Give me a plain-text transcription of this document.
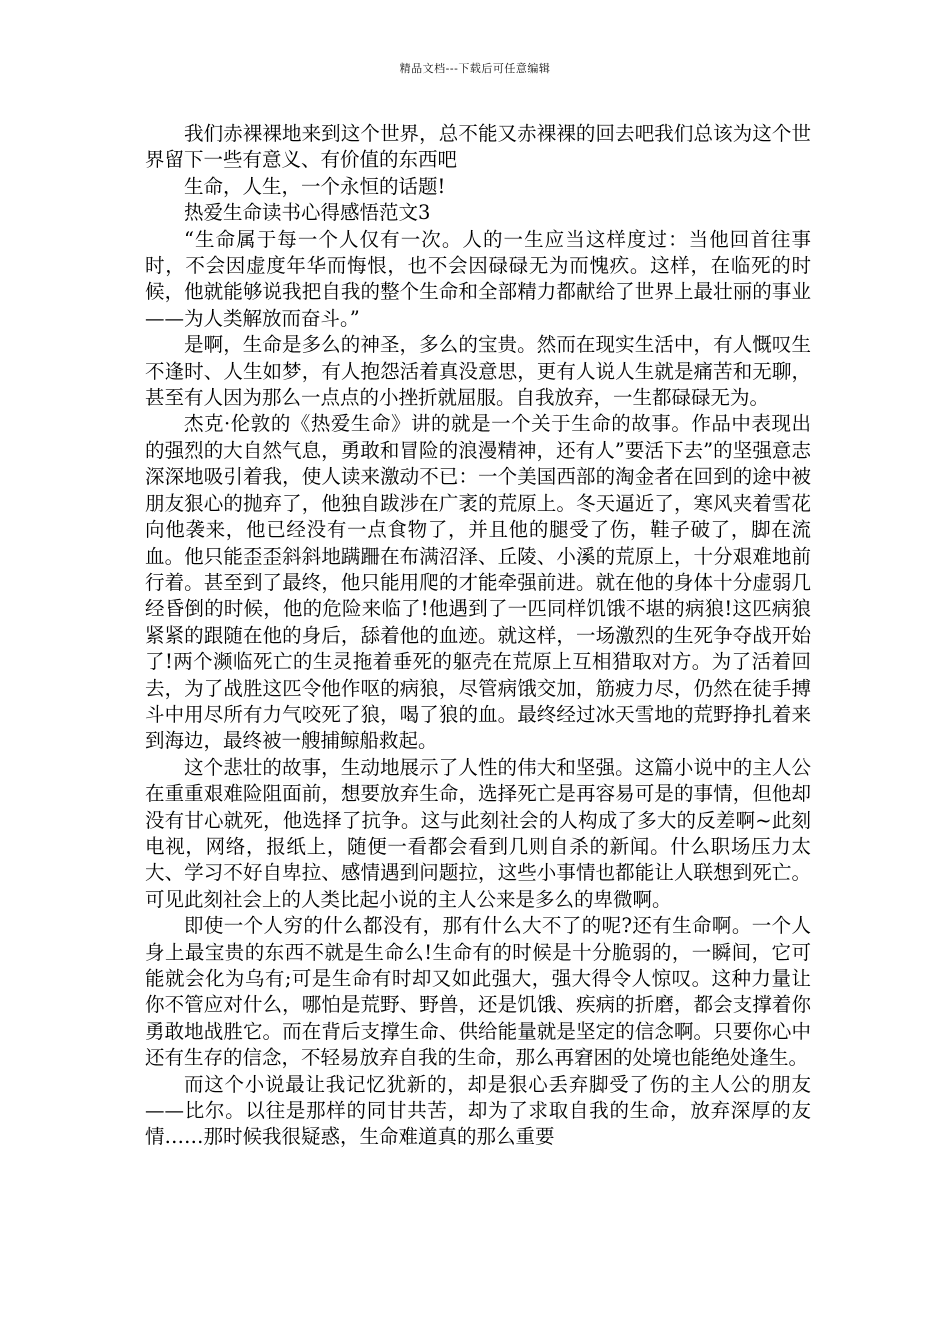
精品文档---下载后可任意编辑

我们赤裸裸地来到这个世界，总不能又赤裸裸的回去吧我们总该为这个世界留下一些有意义、有价值的东西吧

生命，人生，一个永恒的话题!

热爱生命读书心得感悟范文3

“生命属于每一个人仅有一次。人的一生应当这样度过：当他回首往事时，不会因虚度年华而悔恨，也不会因碌碌无为而愧疚。这样，在临死的时候，他就能够说我把自我的整个生命和全部精力都献给了世界上最壮丽的事业——为人类解放而奋斗。”

是啊，生命是多么的神圣，多么的宝贵。然而在现实生活中，有人慨叹生不逢时、人生如梦，有人抱怨活着真没意思，更有人说人生就是痛苦和无聊，甚至有人因为那么一点点的小挫折就屈服。自我放弃，一生都碌碌无为。

杰克·伦敦的《热爱生命》讲的就是一个关于生命的故事。作品中表现出的强烈的大自然气息，勇敢和冒险的浪漫精神，还有人”要活下去”的坚强意志深深地吸引着我，使人读来激动不已：一个美国西部的淘金者在回到的途中被朋友狠心的抛弃了，他独自跋涉在广袤的荒原上。冬天逼近了，寒风夹着雪花向他袭来，他已经没有一点食物了，并且他的腿受了伤，鞋子破了，脚在流血。他只能歪歪斜斜地蹒跚在布满沼泽、丘陵、小溪的荒原上，十分艰难地前行着。甚至到了最终，他只能用爬的才能牵强前进。就在他的身体十分虚弱几经昏倒的时候，他的危险来临了!他遇到了一匹同样饥饿不堪的病狼!这匹病狼紧紧的跟随在他的身后，舔着他的血迹。就这样，一场激烈的生死争夺战开始了!两个濒临死亡的生灵拖着垂死的躯壳在荒原上互相猎取对方。为了活着回去，为了战胜这匹令他作呕的病狼，尽管病饿交加，筋疲力尽，仍然在徒手搏斗中用尽所有力气咬死了狼，喝了狼的血。最终经过冰天雪地的荒野挣扎着来到海边，最终被一艘捕鲸船救起。

这个悲壮的故事，生动地展示了人性的伟大和坚强。这篇小说中的主人公在重重艰难险阻面前，想要放弃生命，选择死亡是再容易可是的事情，但他却没有甘心就死，他选择了抗争。这与此刻社会的人构成了多大的反差啊~此刻电视，网络，报纸上，随便一看都会看到几则自杀的新闻。什么职场压力太大、学习不好自卑拉、感情遇到问题拉，这些小事情也都能让人联想到死亡。可见此刻社会上的人类比起小说的主人公来是多么的卑微啊。

即使一个人穷的什么都没有，那有什么大不了的呢?还有生命啊。一个人身上最宝贵的东西不就是生命么!生命有的时候是十分脆弱的，一瞬间，它可能就会化为乌有;可是生命有时却又如此强大，强大得令人惊叹。这种力量让你不管应对什么，哪怕是荒野、野兽，还是饥饿、疾病的折磨，都会支撑着你勇敢地战胜它。而在背后支撑生命、供给能量就是坚定的信念啊。只要你心中还有生存的信念，不轻易放弃自我的生命，那么再窘困的处境也能绝处逢生。

而这个小说最让我记忆犹新的，却是狠心丢弃脚受了伤的主人公的朋友——比尔。以往是那样的同甘共苦，却为了求取自我的生命，放弃深厚的友情……那时候我很疑惑，生命难道真的那么重要
